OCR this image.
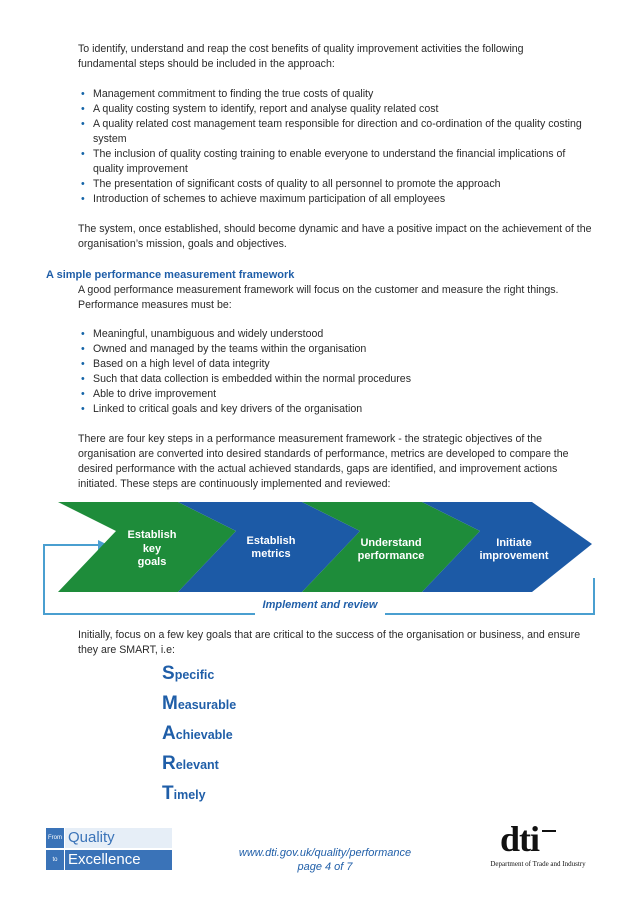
To identify, understand and reap the cost benefits of quality improvement activities the following fundamental steps should be included in the approach:
• Management commitment to finding the true costs of quality
• A quality costing system to identify, report and analyse quality related cost
• A quality related cost management team responsible for direction and co-ordination of the quality costing system
• The inclusion of quality costing training to enable everyone to understand the financial implications of quality improvement
• The presentation of significant costs of quality to all personnel to promote the approach
• Introduction of schemes to achieve maximum participation of all employees
The system, once established, should become dynamic and have a positive impact on the achievement of the organisation’s mission, goals and objectives.
A simple performance measurement framework
A good performance measurement framework will focus on the customer and measure the right things. Performance measures must be:
• Meaningful, unambiguous and widely understood
• Owned and managed by the teams within the organisation
• Based on a high level of data integrity
• Such that data collection is embedded within the normal procedures
• Able to drive improvement
• Linked to critical goals and key drivers of the organisation
There are four key steps in a performance measurement framework - the strategic objectives of the organisation are converted into desired standards of performance, metrics are developed to compare the desired performance with the actual achieved standards, gaps are identified, and improvement actions initiated. These steps are continuously implemented and reviewed:
Establish
key
goals
Establish
metrics
Understand
performance
Initiate
improvement
Implement and review
Initially, focus on a few key goals that are critical to the success of the organisation or business, and ensure they are SMART, i.e:
Specific
Measurable
Achievable
Relevant
Timely
From Quality
to Excellence	www.dti.gov.uk/quality/performance
page 4 of 7
dti
Department of Trade and Industry
